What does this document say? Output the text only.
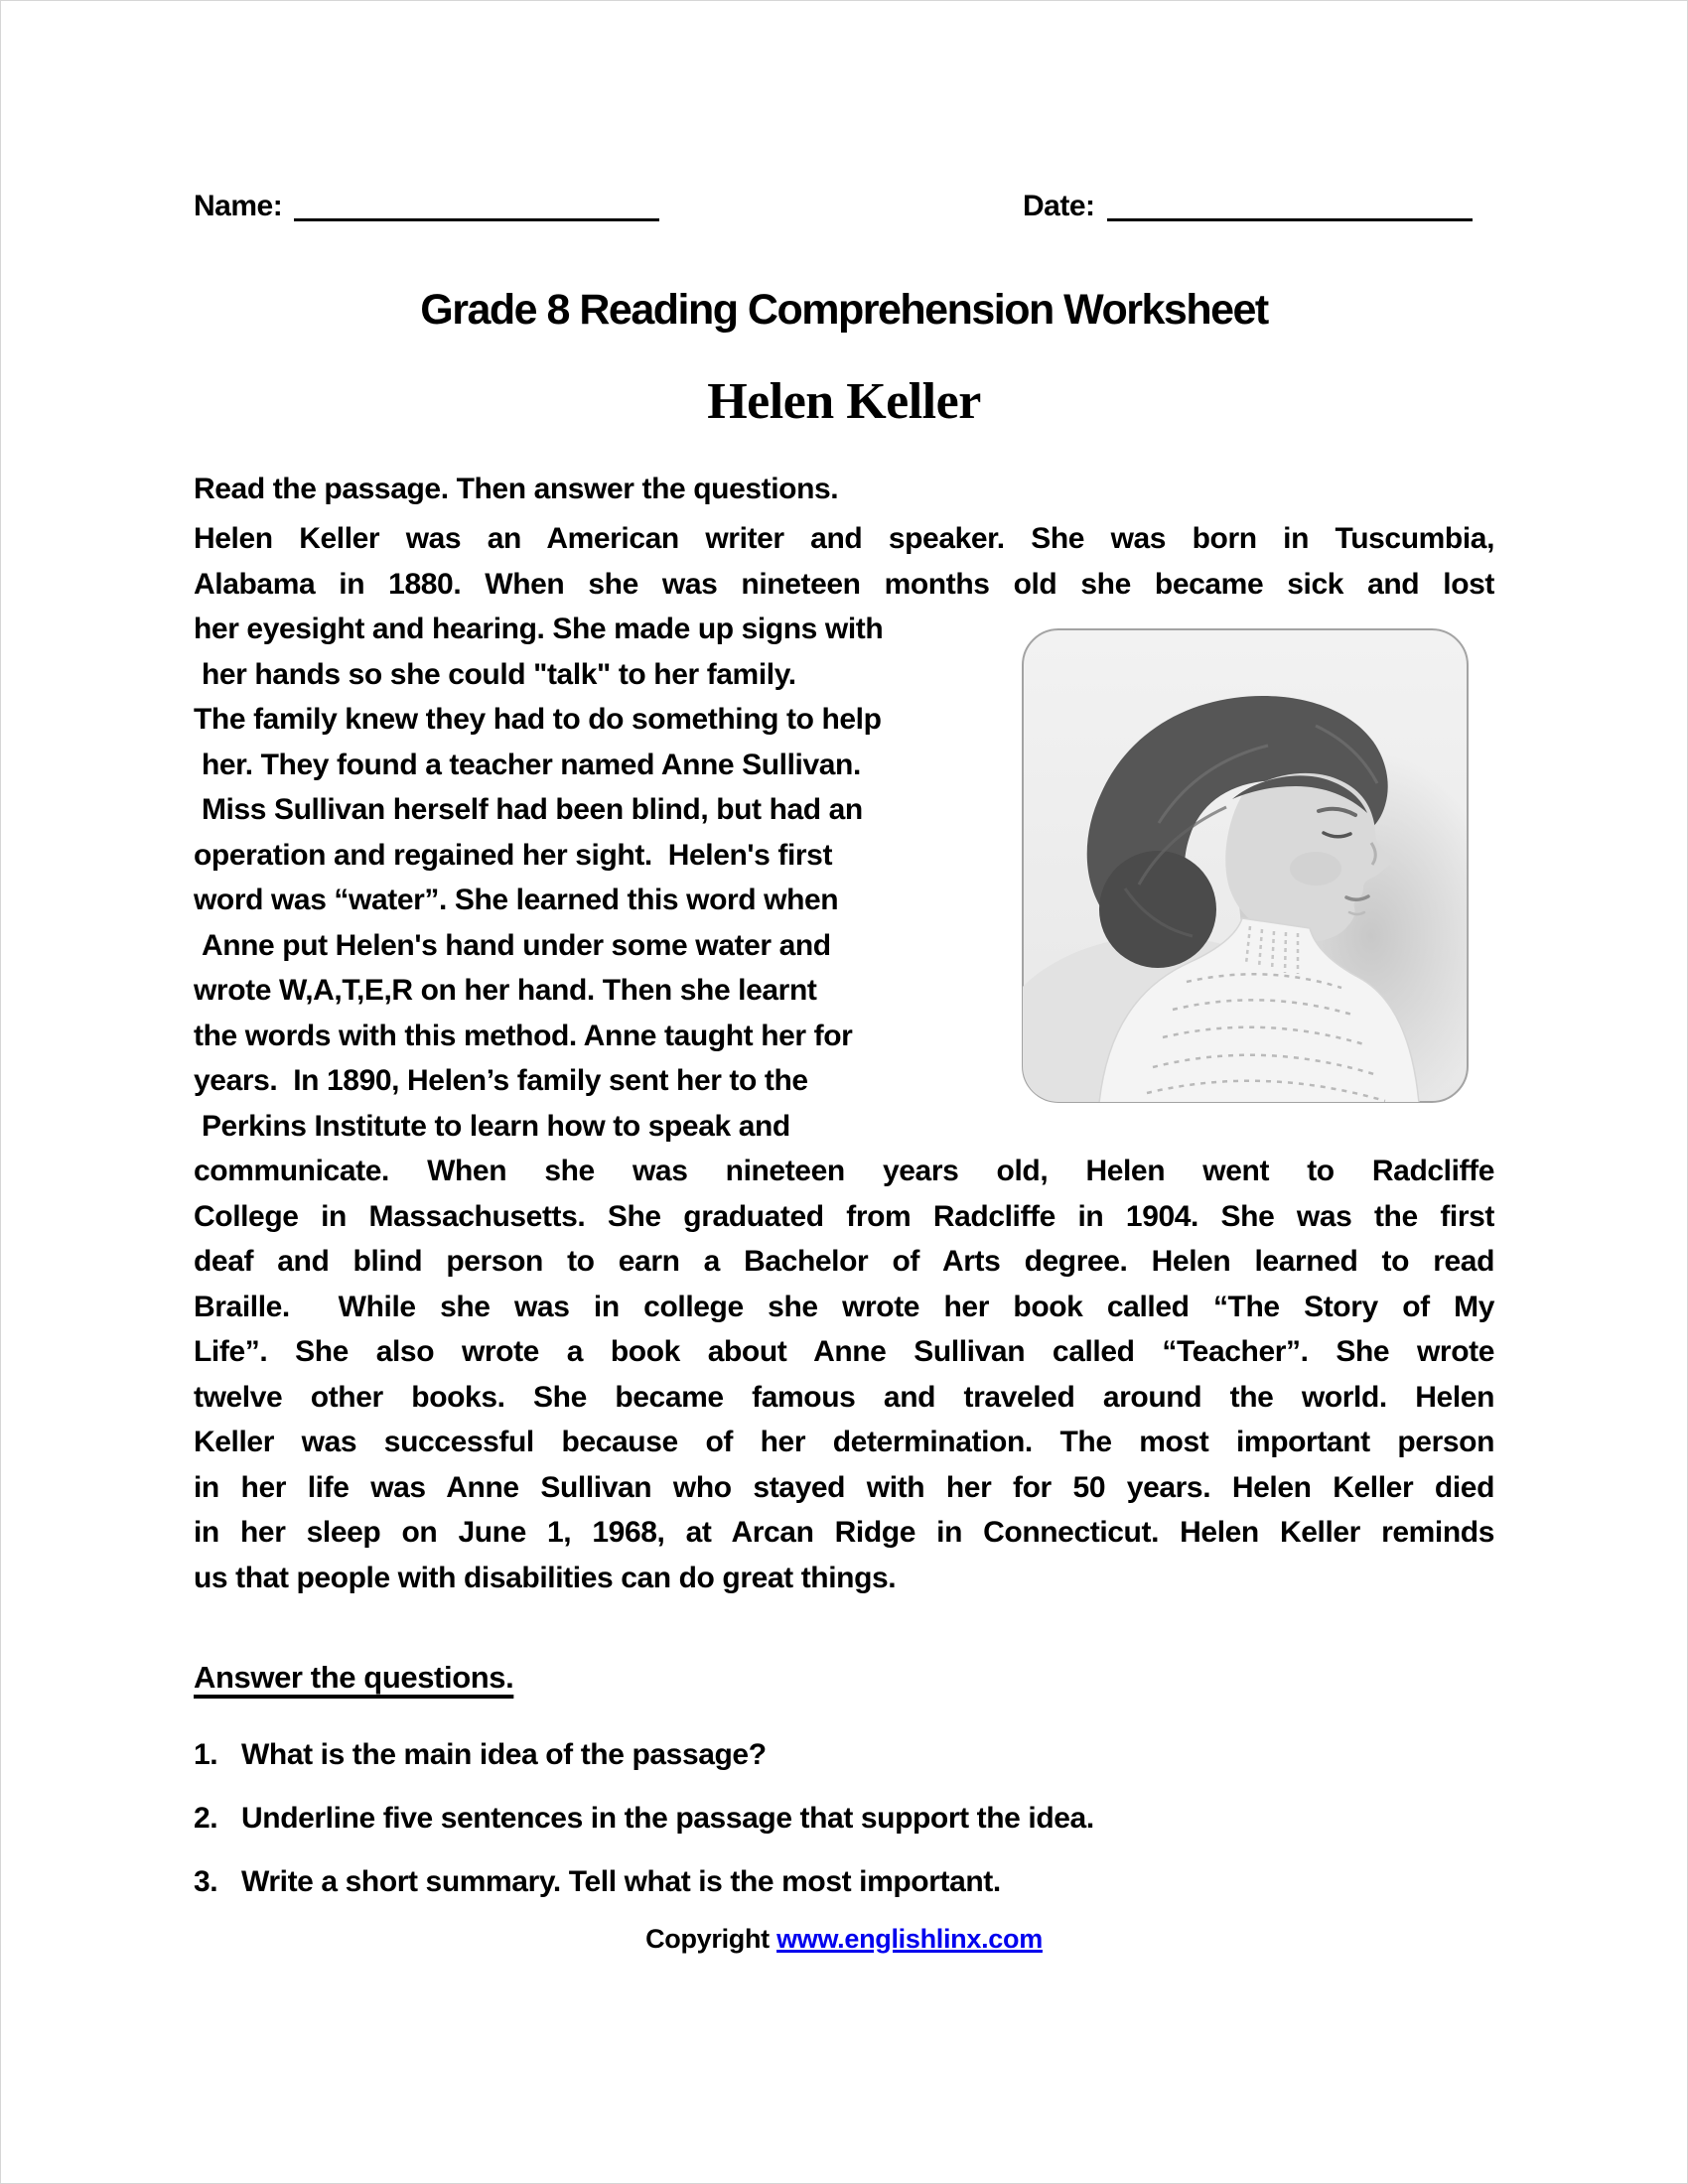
Name:	Date:
Grade 8 Reading Comprehension Worksheet
Helen Keller
Read the passage. Then answer the questions.
Helen Keller was an American writer and speaker. She was born in Tuscumbia,
Alabama in 1880. When she was nineteen months old she became sick and lost
her eyesight and hearing. She made up signs with
her hands so she could "talk" to her family.
The family knew they had to do something to help
her. They found a teacher named Anne Sullivan.
Miss Sullivan herself had been blind, but had an
operation and regained her sight.  Helen's first
word was “water”. She learned this word when
Anne put Helen's hand under some water and
wrote W,A,T,E,R on her hand. Then she learnt
the words with this method. Anne taught her for
years.  In 1890, Helen’s family sent her to the
Perkins Institute to learn how to speak and
communicate. When she was nineteen years old, Helen went to Radcliffe
College in Massachusetts. She graduated from Radcliffe in 1904. She was the first
deaf and blind person to earn a Bachelor of Arts degree. Helen learned to read
Braille.  While she was in college she wrote her book called “The Story of My
Life”. She also wrote a book about Anne Sullivan called “Teacher”. She wrote
twelve other books. She became famous and traveled around the world. Helen
Keller was successful because of her determination. The most important person
in her life was Anne Sullivan who stayed with her for 50 years. Helen Keller died
in her sleep on June 1, 1968, at Arcan Ridge in Connecticut. Helen Keller reminds
us that people with disabilities can do great things.
Answer the questions.
1. What is the main idea of the passage?
2. Underline five sentences in the passage that support the idea.
3. Write a short summary. Tell what is the most important.
Copyright www.englishlinx.com
